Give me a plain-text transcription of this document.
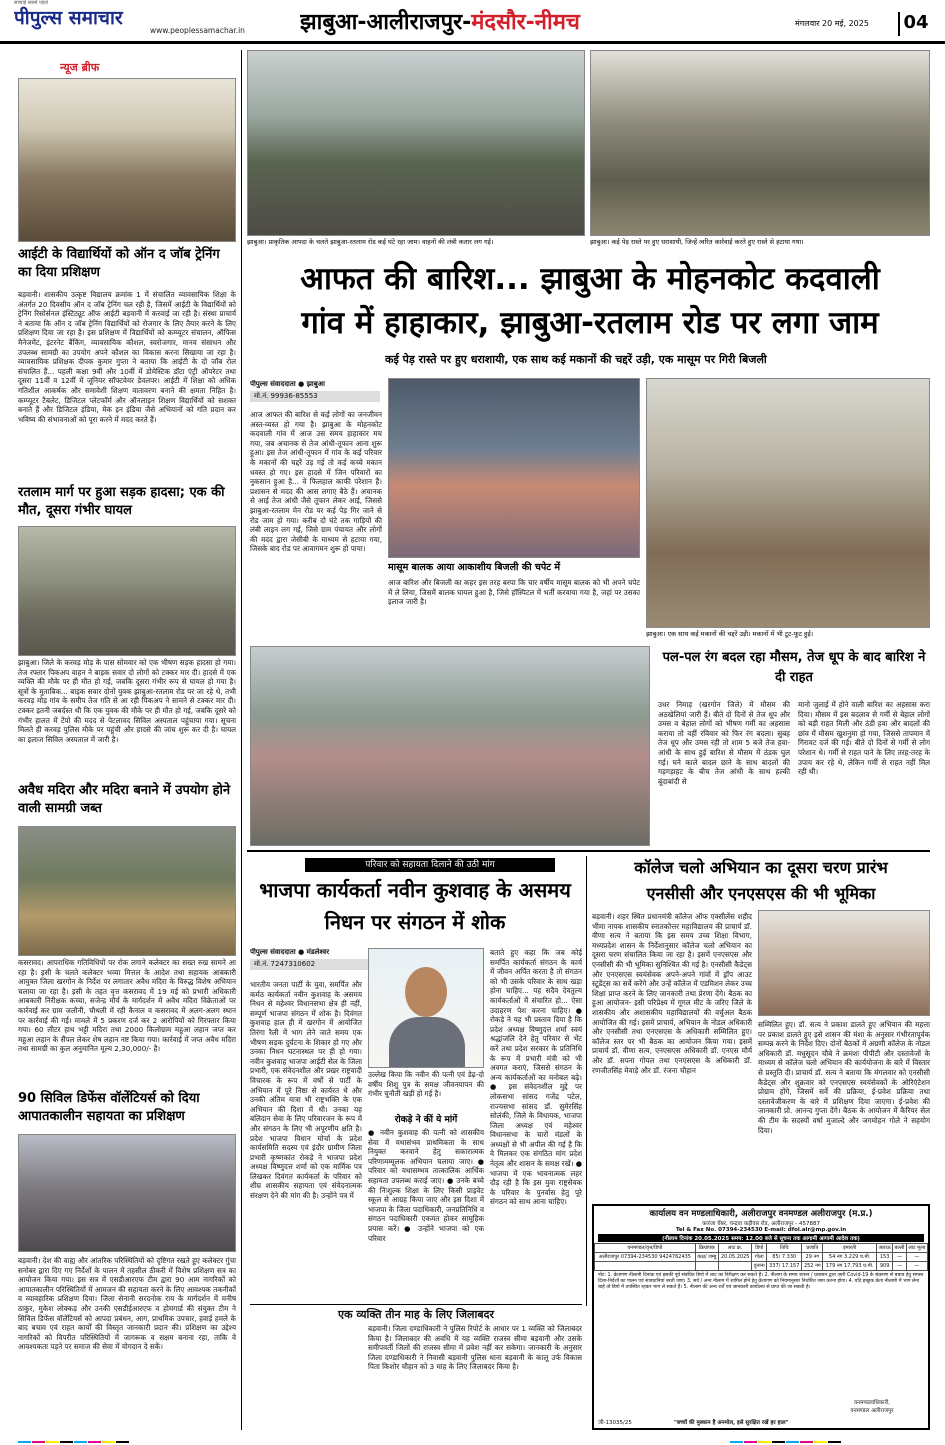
पीपुल्स समाचार
सच्चाई सबसे पहले
www.peoplessamachar.in	झाबुआ-आलीराजपुर-मंदसौर-नीमच	मंगलवार 20 मई, 2025	04
न्यूज ब्रीफ
आईटी के विद्यार्थियों को ऑन द जॉब ट्रेनिंग का दिया प्रशिक्षण
बड़वानी। शासकीय उत्कृष्ट विद्यालय क्रमांक 1 में संचालित व्यावसायिक शिक्षा के अंतर्गत 20 दिवसीय ऑन द जॉब ट्रेनिंग चल रही है, जिसमें आईटी के विद्यार्थियों को ट्रेनिंग रिसोर्सनल इंस्टिट्यूट ऑफ आईटी बड़वानी में करवाई जा रही है। संस्था प्राचार्य ने बताया कि ऑन द जॉब ट्रेनिंग विद्यार्थियों को रोजगार के लिए तैयार करने के लिए प्रशिक्षण दिया जा रहा है। इस प्रशिक्षण में विद्यार्थियों को कम्प्यूटर संचालन, ऑफिस मैनेजमेंट, इंटरनेट बैंकिंग, व्यावसायिक कौशल, स्वरोजगार, मानव संसाधन और उपलब्ध सामग्री का उपयोग अपने कौशल का विकास करना सिखाया जा रहा है। व्यावसायिक प्रशिक्षक दीपक कुमार गुप्ता ने बताया कि आईटी के दो जॉब रोल संचालित हैं... पहली कक्षा 9वीं और 10वीं में डोमेस्टिक डॉटा एंट्री ऑपरेटर तथा दूसरा 11वीं व 12वीं में जूनियर सॉफ्टवेयर डेवलपर। आईटी में शिक्षा को अधिक गतिशील आकर्षक और समावेशी शिक्षण वातावरण बनाने की क्षमता निहित है। कम्प्यूटर टैबलेट, डिजिटल प्लेटफॉर्म और ऑनलाइन शिक्षण विद्यार्थियों को सशक्त बनाते हैं और डिजिटल इंडिया, मेक इन इंडिया जैसे अभियानों को गति प्रदान कर भविष्य की संभावनाओं को पूरा करने में मदद करते हैं।
रतलाम मार्ग पर हुआ सड़क हादसा; एक की मौत, दूसरा गंभीर घायल
झाबुआ। जिले के करवड़ मोड़ के पास सोमवार को एक भीषण सड़क हादसा हो गया। तेज रफ्तार पिकअप वाहन ने बाइक सवार दो लोगों को टक्कर मार दी। हादसे में एक व्यक्ति की मौके पर ही मौत हो गई, जबकि दूसरा गंभीर रूप से घायल हो गया है। सूत्रों के मुताबिक... बाइक सवार दोनों युवक झाबुआ-रतलाम रोड पर जा रहे थे, तभी करवड़ मोड़ गांव के समीप तेज गति से आ रही पिकअप ने सामने से टक्कर मार दी। टक्कर इतनी जबर्दस्त थी कि एक युवक की मौके पर ही मौत हो गई, जबकि दूसरे को गंभीर हालत में टेंपो की मदद से पेटलावद सिविल अस्पताल पहुंचाया गया। सूचना मिलते ही करवड़ पुलिस मौके पर पहुंची और हादसे की जांच शुरू कर दी है। घायल का इलाज सिविल अस्पताल में जारी है।
अवैध मदिरा और मदिरा बनाने में उपयोग होने वाली सामग्री जब्त
कसरावद। आपराधिक गतिविधियों पर रोक लगाने कलेक्टर का सख्त रुख सामने आ रहा है। इसी के चलते कलेक्टर भव्या मित्तल के आदेश तथा सहायक आबकारी आयुक्त जिला खरगोन के निर्देश पर लगातार अवैध मदिरा के विरुद्ध विशेष अभियान चलाया जा रहा है। इसी के तहत वृत्त कसरावद में 19 मई को प्रभारी अधिकारी आबकारी निरीक्षक कच्चा, सजेन्द्र मौर्य के मार्गदर्शन में अवैध मदिरा विक्रेताओं पर कार्रवाई कर ग्राम जलौनी, चौथली में रही कैनाल व कसरावद में अलग-अलग स्थान पर कार्रवाई की गई। मामले में 5 प्रकरण दर्ज कर 2 आरोपियों को गिरफ्तार किया गया। 60 लीटर हाथ भट्टी मदिरा तथा 2000 किलोग्राम महुआ लहान जप्त कर महुआ लहान के सैंपल लेकर शेष लहान नष्ट किया गया। कार्रवाई में जप्त अवैध मदिरा तथा सामग्री का कुल अनुमानित मूल्य 2,30,000/- है।
90 सिविल डिफेंस वॉलेंटियर्स को दिया आपातकालीन सहायता का प्रशिक्षण
बड़वानी। देश की वाह्य और आंतरिक परिस्थितियों को दृष्टिगत रखते हुए कलेक्टर गुंचा सनोबर द्वारा दिए गए निर्देशों के पालन में तहसील ठीकरी में विशेष प्रशिक्षण सत्र का आयोजन किया गया। इस सत्र में एसडीआरएफ टीम द्वारा 90 आम नागरिकों को आपातकालीन परिस्थितियों में आमजन की सहायता करने के लिए आवश्यक तकनीकों व व्यावहारिक प्रशिक्षण दिया। जिला सेनानी सरदनोक राय के मार्गदर्शन में मनीष ठाकुर, मुकेश लोक्कड़ और उनकी एसडीईआरएफ व होमगार्ड की संयुक्त टीम ने सिविल डिफेंस वॉलेंटियर्स को आपदा प्रबंधन, आग, प्राथमिक उपचार, हवाई हमले के बाद बचाव एवं राहत कार्यों की विस्तृत जानकारी प्रदान की। प्रशिक्षण का उद्देश्य नागरिकों को विपरीत परिस्थितियों में जागरूक व सक्षम बनाना रहा, ताकि वे आवश्यकता पड़ने पर समाज की सेवा में योगदान दे सकें।
झाबुआ। प्राकृतिक आपदा के चलते झाबुआ-रतलाम रोड कई घंटे रहा जाम। वाहनों की लंबी कतार लग गई।	झाबुआ। कई पेड़ रास्ते पर हुए धराशायी, जिन्हें त्वरित कार्रवाई करते हुए रास्ते से हटाया गया।
आफत की बारिश... झाबुआ के मोहनकोट कदवाली
गांव में हाहाकार, झाबुआ-रतलाम रोड पर लगा जाम
कई पेड़ रास्ते पर हुए धराशायी, एक साथ कई मकानों की चद्दरें उड़ी, एक मासूम पर गिरी बिजली
पीपुल्स संवाददाता ● झाबुआ
मो.नं. 99936-85553
आज आफत की बारिश से कई लोगों का जनजीवन अस्त-व्यस्त हो गया है। झाबुआ के मोहनकोट कदवाली गांव में आज उस समय हाहाकार मच गया, जब अचानक से तेज आंधी-तूफान आना शुरू हुआ। इस तेज आंधी-तूफान में गांव के कई परिवार के मकानों की चद्दरें उड़ गई तो कई कच्चे मकान धवस्त हो गए। इस हादसे में जिन परिवारों का नुकसान हुआ है... वे फिलहाल काफी परेशान हैं। प्रशासन से मदद की आस लगाए बैठे हैं। अचानक से आई तेज आंधी जैसे तूफान लेकर आई, जिससे झाबुआ-रतलाम मेन रोड पर कई पेड़ गिर जाने से रोड जाम हो गया। करीब दो घंटे तक गाड़ियों की लंबी लाइन लग गई, जिसे ग्राम पंचायत और लोगों की मदद द्वारा जेसीबी के माध्यम से हटाया गया, जिसके बाद रोड पर आवागमन शुरू हो पाया।
मासूम बालक आया आकाशीय बिजली की चपेट में
आज बारिश और बिजली का कहर इस तरह बरपा कि चार वर्षीय मासूम बालक को भी अपने चपेट में ले लिया, जिसमें बालक घायल हुआ है, जिसे हॉस्पिटल में भर्ती करवाया गया है, जहां पर उसका इलाज जारी है।
झाबुआ। एक साथ कई मकानों की चद्दरें उड़ी। मकानों में भी टूट-फूट हुई।
पल-पल रंग बदल रहा मौसम, तेज धूप के बाद बारिश ने दी राहत
उधर निमाड़ (खरगोन जिले) में मौसम की अठखेलियां जारी हैं। बीते दो दिनों से तेज धूप और उमस व बेहाल लोगों को भीषण गर्मी का अहसास कराया तो वहीं रविवार को फिर रंग बदला। सुबह तेज धूप और उमस रही तो शाम 5 बजे तेज हवा-आंधी के साथ हुई बारिश से मौसम में ठंडक घुल गई। घने काले बादल छाने के साथ बादलों की गड़गड़ाहट के बीच तेज आंधी के साथ हल्की बूंदाबांदी से
मानो जुलाई में होने वाली बारिश का अहसास करा दिया। मौसम में इस बदलाव से गर्मी से बेहाल लोगों को बड़ी राहत मिली और ठंडी हवा और बादलों की छांव में मौसम खुशनुमा हो गया, जिससे तापमान में गिरावट दर्ज की गई। बीते दो दिनों से गर्मी से लोग परेशान थे। गर्मी से राहत पाने के लिए तरह-तरह के उपाय कर रहे थे, लेकिन गर्मी से राहत नहीं मिल रही थी।
परिवार को सहायता दिलाने की उठी मांग
भाजपा कार्यकर्ता नवीन कुशवाह के असमय निधन पर संगठन में शोक
पीपुल्स संवाददाता ● मंडलेश्वर
मो.नं. 7247310602
भारतीय जनता पार्टी के युवा, समर्पित और कर्मठ कार्यकर्ता नवीन कुशवाह के असमय निधन से महेश्वर विधानसभा क्षेत्र ही नहीं, सम्पूर्ण भाजपा संगठन में शोक है। दिवंगत कुशवाह हाल ही में खरगोन में आयोजित तिरंगा रैली में भाग लेने जाते समय एक भीषण सड़क दुर्घटना के शिकार हो गए और उनका निधन घटनास्थल पर ही हो गया। नवीन कुशवाह भाजपा आईटी सेल के जिला प्रभारी, एक संवेदनशील और प्रखर राष्ट्रवादी विचारक के रूप में वर्षों से पार्टी के अभियान में पूरे निष्ठा से कार्यरत थे और उनकी अंतिम यात्रा भी राष्ट्रभक्ति के एक अभियान की दिशा में थी। उनका यह बलिदान सेवा के लिए परिवारजन के रूप में और संगठन के लिए भी अपूरणीय क्षति है। प्रदेश भाजपा विधान मोर्चा के प्रदेश कार्यसमिति सदस्य एवं इंदौर ग्रामीण जिला प्रभारी कृष्णकांत रोकड़े ने भाजपा प्रदेश अध्यक्ष विष्णुदत्त शर्मा को एक मार्मिक पत्र लिखकर दिवंगत कार्यकर्ता के परिवार को शीघ्र शासकीय सहायता एवं संवेदनात्मक संरक्षण देने की मांग की है। उन्होंने पत्र में
उल्लेख किया कि नवीन की पत्नी एवं डेढ़-दो वर्षीय शिशु पुत्र के समक्ष जीवनयापन की गंभीर चुनौती खड़ी हो गई है।
रोकड़े ने कीं ये मांगें
● नवीन कुशवाह की पत्नी को शासकीय सेवा में यथासंभव प्राथमिकता के साथ नियुक्त करवाने हेतु सकारात्मक परिणामम्मूलक अभियान चलाया जाए। ● परिवार को यथासम्भव तात्कालिक आर्थिक सहायता उपलब्ध कराई जाए। ● उनके बच्चे की निःशुल्क शिक्षा के लिए किसी प्राइवेट स्कूल से आग्रह किया जाए और इस दिशा में भाजपा के जिला पदाधिकारी, जनप्रतिनिधि व संगठन पदाधिकारी एकमत होकर सामूहिक प्रयास करें। ● उन्होंने भाजपा को एक परिवार
बताते हुए कहा कि जब कोई समर्पित कार्यकर्ता संगठन के कार्य में जीवन अर्पित करता है तो संगठन को भी उसके परिवार के साथ खड़ा होना चाहिए... यह सदैव देवतुल्य कार्यकर्ताओं में संचारित हो... ऐसा उदाहरण पेश करना चाहिए। ● रोकड़े ने यह भी प्रस्ताव दिया है कि प्रदेश अध्यक्ष विष्णुदत्त शर्मा स्वयं श्रद्धांजलि देने हेतु परिवार से भेंट करें तथा प्रदेश सरकार के प्रतिनिधि के रूप में प्रभारी मंत्री को भी अवगत कराएं, जिससे संगठन के अन्य कार्यकर्ताओं का मनोबल बढ़े। ● इस संवेदनशील मुद्दे पर लोकसभा सांसद गजेंद्र पटेल, राज्यसभा सांसद डॉ. सुमेरसिंह सोलंकी, जिले के विधायक, भाजपा जिला अध्यक्ष एवं महेश्वर विधानसभा के चारों मंडलों के अध्यक्षों से भी अपील की गई है कि वे मिलकर एक संगठित मांग प्रदेश नेतृत्व और शासन के समक्ष रखें। ● भाजपा में एक भावनात्मक लहर दौड़ रही है कि इस युवा राष्ट्रसेवक के परिवार के पुनर्वास हेतु पूरे संगठन को साथ आना चाहिए।
एक व्यक्ति तीन माह के लिए जिलाबदर
बड़वानी। जिला दण्डाधिकारी ने पुलिस रिपोर्ट के आधार पर 1 व्यक्ति को जिलाबदर किया है। जिलाबदर की अवधि में यह व्यक्ति राजस्व सीमा बड़वानी और उसके समीपवर्ती जिलों की राजस्व सीमा में प्रवेश नहीं कर सकेगा। जानकारी के अनुसार जिला दण्डाधिकारी ने निवासी बड़वानी पुलिस थाना बड़वानी के कालू उर्फ विकास पिता किशोर चौहान को 3 माह के लिए जिलाबदर किया है।
कॉलेज चलो अभियान का दूसरा चरण प्रारंभ
एनसीसी और एनएसएस की भी भूमिका
बड़वानी। शहर स्थित प्रधानमंत्री कॉलेज ऑफ एक्सीलेंस शहीद भीमा नायक शासकीय स्नातकोत्तर महाविद्यालय की प्राचार्य डॉ. वीणा सत्य ने बताया कि इस समय उच्च शिक्षा विभाग, मध्यप्रदेश शासन के निर्देशानुसार कॉलेज चलो अभियान का दूसरा चरण संचालित किया जा रहा है। इसमें एनएसएस और एनसीसी की भी भूमिका सुनिश्चित की गई है। एनसीसी कैडेट्स और एनएसएस स्वयंसेवक अपने-अपने गांवों में ड्रॉप आउट स्टूडेंट्स का सर्वे करेंगे और उन्हें कॉलेज में एडमिशन लेकर उच्च शिक्षा प्राप्त करने के लिए जानकारी तथा प्रेरणा देंगे। बैठक का हुआ आयोजन- इसी परिप्रेक्ष्य में गूगल मीट के जरिए जिले के शासकीय और अशासकीय महाविद्यालयों की वर्चुअल बैठक आयोजित की गई। इसमें प्राचार्य, अभियान के नोडल अधिकारी और एनसीसी तथा एनएसएस के अधिकारी सम्मिलित हुए। कॉलेज स्तर पर भी बैठक का आयोजन किया गया। इसमें प्राचार्य डॉ. वीणा सत्य, एनएसएस अधिकारी डॉ. एनएस मौर्य और डॉ. सपना गोयल तथा एनएसएस के अधिकारी डॉ. रणजीतसिंह मेवाड़े और डॉ. रंजना चौहान
सम्मिलित हुए। डॉ. सत्य ने प्रकाश डालते हुए अभियान की महत्ता पर प्रकाश डालते हुए इसे शासन की मंशा के अनुसार गंभीरतापूर्वक सम्पन्न करने के निर्देश दिए। दोनों बैठकों में अग्रणी कॉलेज के नोडल अधिकारी डॉ. मधुसूदन चौबे ने क्रमशः पीपीटी और दस्तावेजों के माध्यम से कॉलेज चलो अभियान की कार्ययोजना के बारे में विस्तार से प्रस्तुति दी। प्राचार्य डॉ. सत्य ने बताया कि मंगलवार को एनसीसी कैडेट्स और शुक्रवार को एनएसएस स्वयंसेवकों के ओरिएंटेशन प्रोग्राम होंगे, जिसमें सर्वे की प्रक्रिया, ई-प्रवेश प्रक्रिया तथा दस्तावेजीकरण के बारे में प्रशिक्षण दिया जाएगा। ई-प्रवेश की जानकारी प्रो. आनन्द गुप्ता देंगे। बैठक के आयोजन में कैरियर सेल की टीम के सदस्यों वर्षा मुजाल्दे और जगमोहन गोले ने सहयोग दिया।
कार्यालय वन मण्डलाधिकारी, अलीराजपुर वनमण्डल अलीराजपुर (म.प्र.)
कारंजा चेंबर, चन्द्रवा कड़ीवार रोड, अलीराजपुर - 457887
Tel & Fax No. 07394-234530 E-mail: dfol.alr@mp.gov.in
(नीलाम दिनांक 20.05.2025 समय: 12.00 बजे से सूचना तक आगामी आगामी आदेश तक)
वनमण्डल/वृत्त/डिपो	क्रियापक	लाट क्र.	डिपो	तिथि	प्रजाति	इमारती	जलाऊ	बल्ली	लाट मूल्य
अलीराजपुर 07394-234530 9424762435	कक्ष/ जम्बु	20.05.2025	गोला	85/ 7.330	29 नग	54 नग 3.229 घ.मी.	153	—	—
			वुनाना	337/ 17.157	252 नग	179 नग 17.793 घ.मी.	909	—	—
नोट: 1. क्रेतागण नीलामी दिनांक एवं इसकी पूर्व संबंधित डिपो में लाट का निरीक्षण कर सकते हैं। 2. नीलाम के समय शासन / प्रशासन द्वारा जारी Covid-19 के संक्रमण से बचाव हेतु समस्त दिशा-निर्देशों का पालन एवं सावधानियां बरती जाएं। 3. सर्व / अन्य नीलाम में शामिल होने हेतु क्रेतागण को नियमानुसार निर्धारित जमा करना होगा। 4. यदि इच्छुक क्रेता नीलामी में भाग लेना चाहे तो डिपो में उपस्थित रहकर भाग ले सकते हैं। 5. नीलाम की अन्य शर्तें एवं जानकारी कार्यालय से प्राप्त की जा सकती है।
वनमण्डलाधिकारी,
वनमण्डल अलीराजपुर
जी-13035/25	"बच्चों की मुस्कान है अनमोल, इसे सुरक्षित रखें हर हाल"
